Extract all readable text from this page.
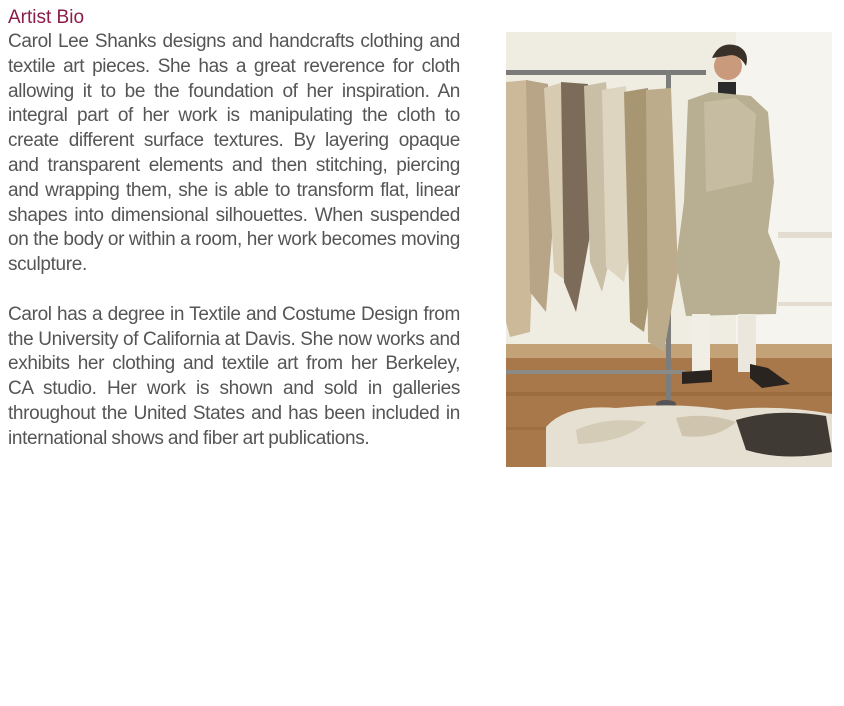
Artist Bio

Carol Lee Shanks designs and handcrafts clothing and textile art pieces. She has a great reverence for cloth allowing it to be the foundation of her inspiration. An integral part of her work is manipulating the cloth to create different surface textures. By layering opaque and transparent elements and then stitching, piercing and wrapping them, she is able to transform flat, linear shapes into dimensional silhouettes. When suspended on the body or within a room, her work becomes moving sculpture.

Carol has a degree in Textile and Costume Design from the University of California at Davis. She now works and exhibits her clothing and textile art from her Berkeley, CA studio. Her work is shown and sold in galleries throughout the United States and has been included in international shows and fiber art publications.
